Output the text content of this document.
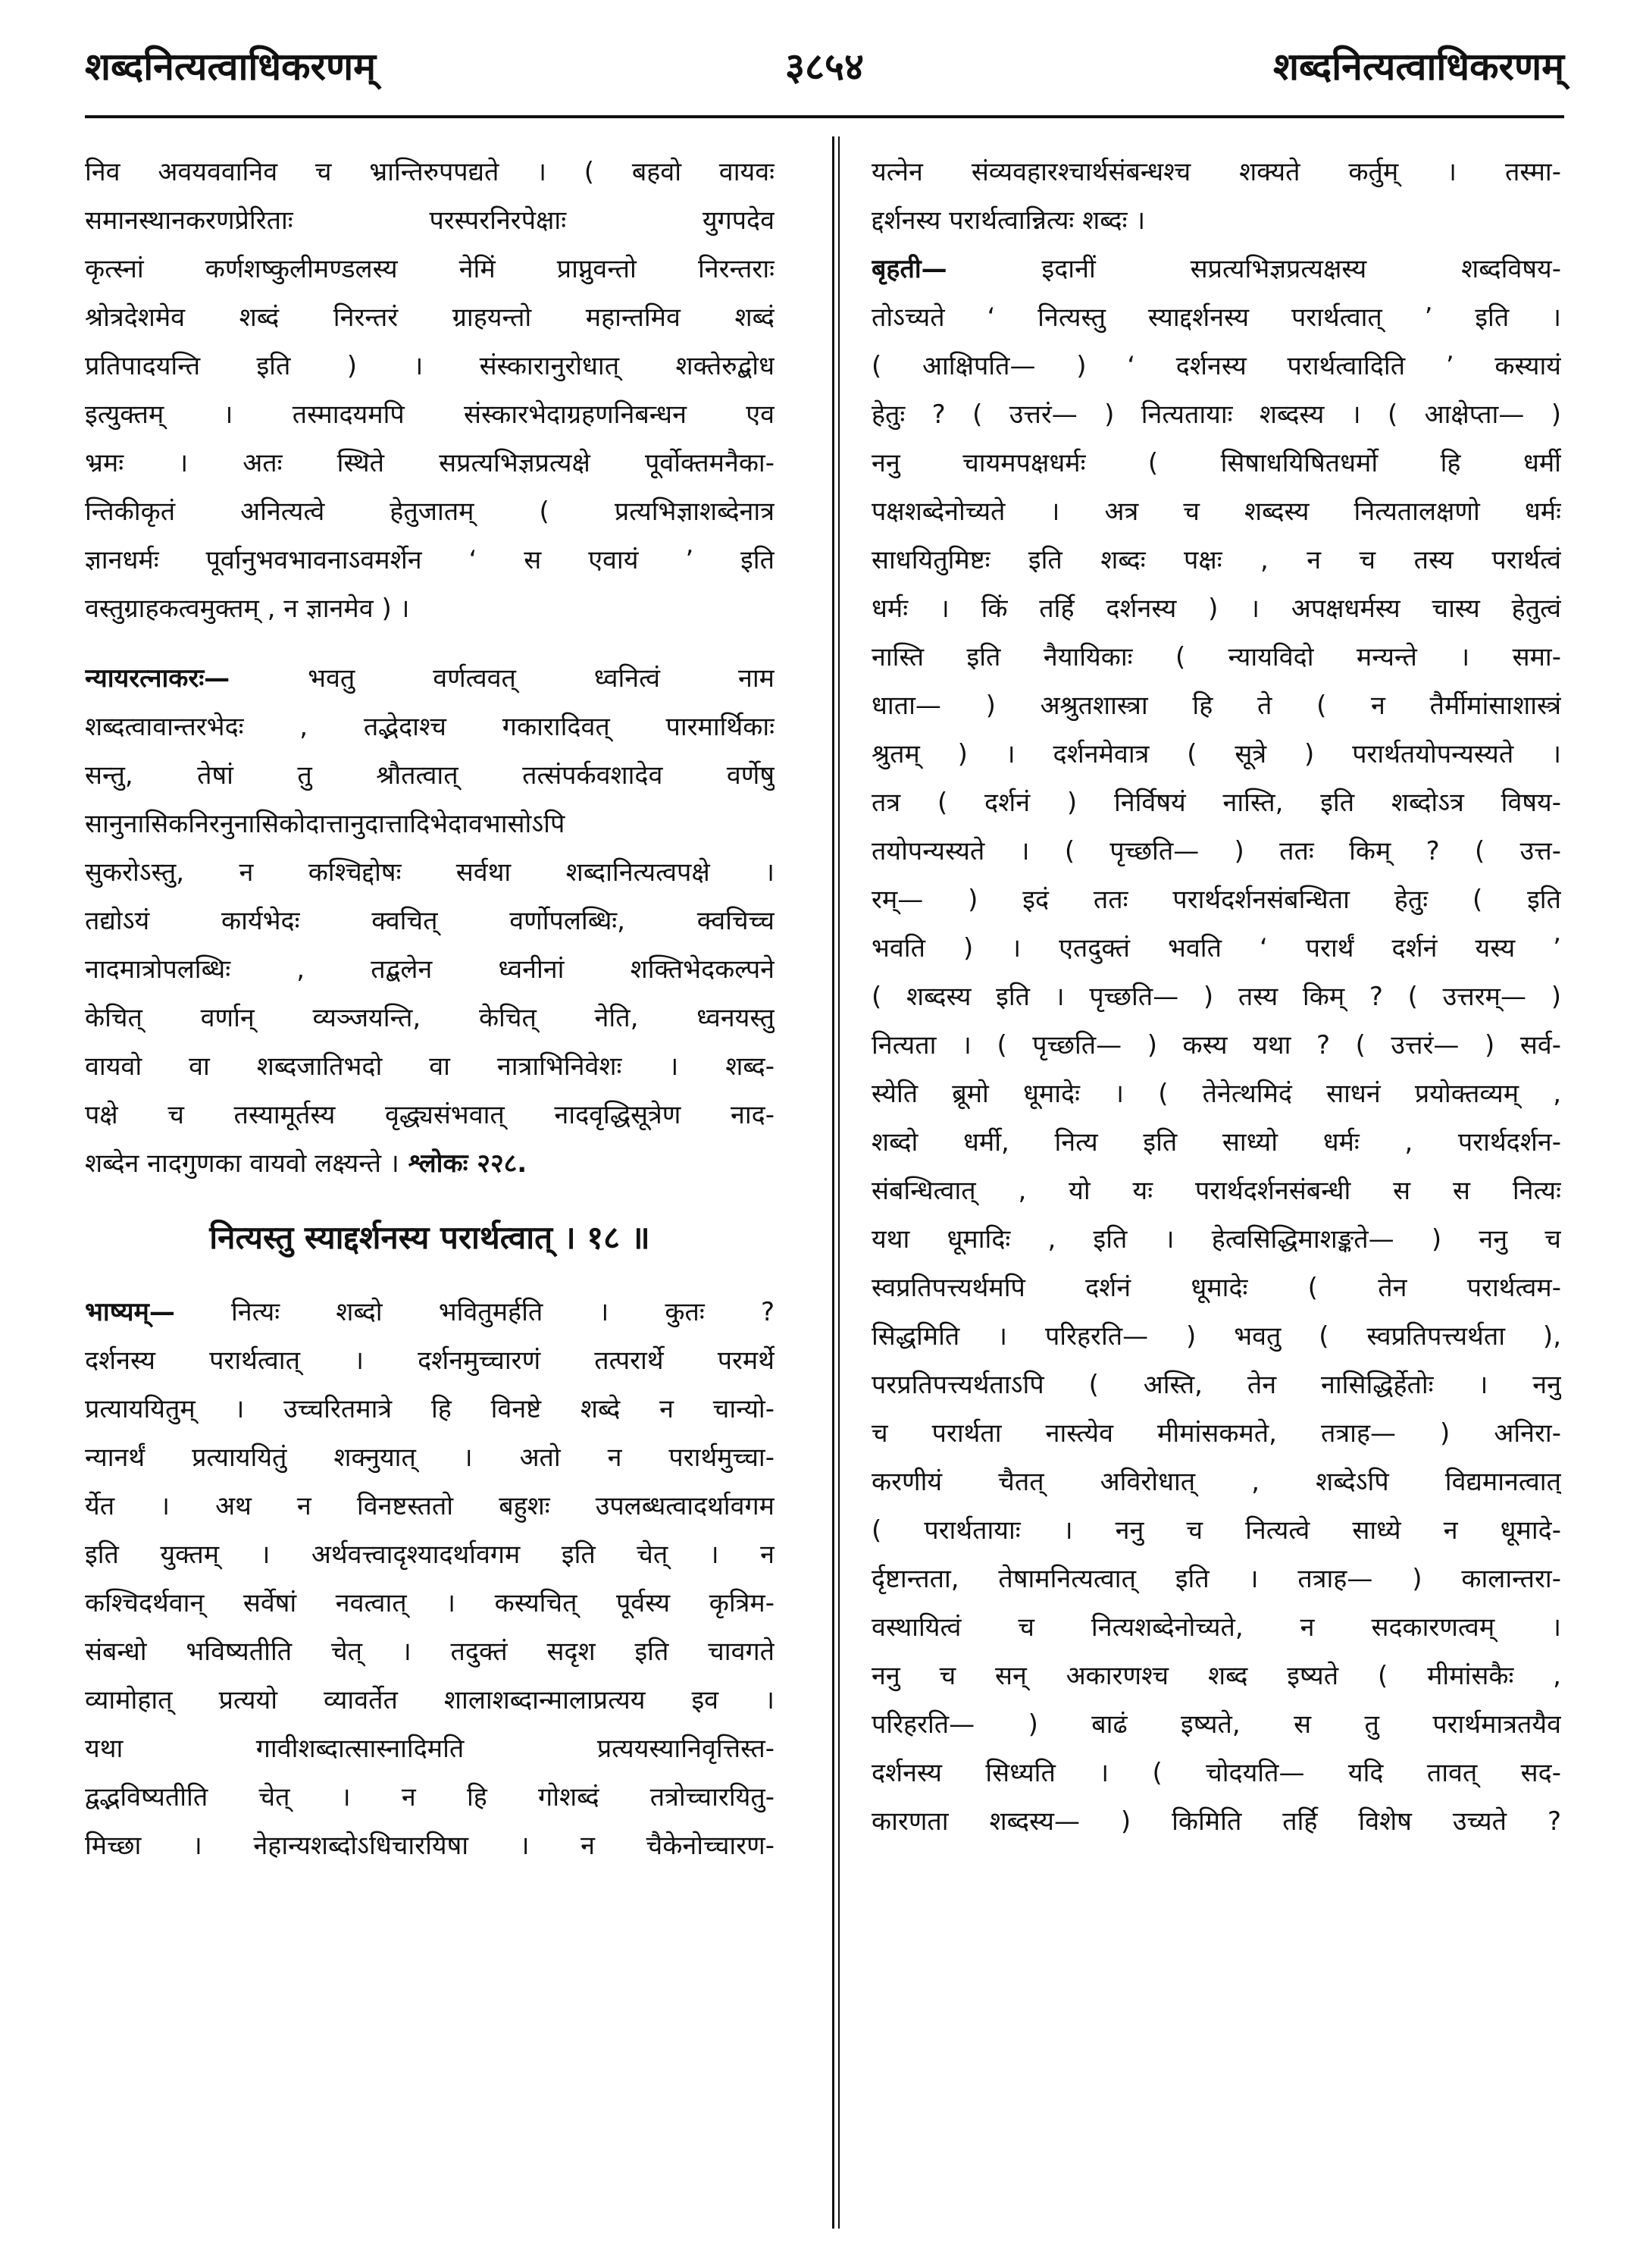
३८५४
शब्दनित्यत्वाधिकरणम्	शब्दनित्यत्वाधिकरणम्
निव अवयववानिव च भ्रान्तिरुपपद्यते । ( बहवो वायवः
समानस्थानकरणप्रेरिताः परस्परनिरपेक्षाः युगपदेव
कृत्स्नां कर्णशष्कुलीमण्डलस्य नेमिं प्राप्नुवन्तो निरन्तराः
श्रोत्रदेशमेव शब्दं निरन्तरं ग्राहयन्तो महान्तमिव शब्दं
प्रतिपादयन्ति इति ) । संस्कारानुरोधात् शक्तेरुद्बोध
इत्युक्तम् । तस्मादयमपि संस्कारभेदाग्रहणनिबन्धन एव
भ्रमः । अतः स्थिते सप्रत्यभिज्ञप्रत्यक्षे पूर्वोक्तमनैका-
न्तिकीकृतं अनित्यत्वे हेतुजातम् ( प्रत्यभिज्ञाशब्देनात्र
ज्ञानधर्मः पूर्वानुभवभावनाऽवमर्शेन ‘ स एवायं ’ इति
वस्तुग्राहकत्वमुक्तम् , न ज्ञानमेव ) ।
न्यायरत्नाकरः— भवतु वर्णत्ववत् ध्वनित्वं नाम
शब्दत्वावान्तरभेदः , तद्भेदाश्च गकारादिवत् पारमार्थिकाः
सन्तु, तेषां तु श्रौतत्वात् तत्संपर्कवशादेव वर्णेषु
सानुनासिकनिरनुनासिकोदात्तानुदात्तादिभेदावभासोऽपि
सुकरोऽस्तु, न कश्चिद्दोषः सर्वथा शब्दानित्यत्वपक्षे ।
तद्योऽयं कार्यभेदः क्वचित् वर्णोपलब्धिः, क्वचिच्च
नादमात्रोपलब्धिः , तद्बलेन ध्वनीनां शक्तिभेदकल्पने
केचित् वर्णान् व्यञ्जयन्ति, केचित् नेति, ध्वनयस्तु
वायवो वा शब्दजातिभदो वा नात्राभिनिवेशः । शब्द-
पक्षे च तस्यामूर्तस्य वृद्ध्यसंभवात् नादवृद्धिसूत्रेण नाद-
शब्देन नादगुणका वायवो लक्ष्यन्ते । श्लोकः २२८.
नित्यस्तु स्याद्दर्शनस्य परार्थत्वात् । १८ ॥
भाष्यम्— नित्यः शब्दो भवितुमर्हति । कुतः ?
दर्शनस्य परार्थत्वात् । दर्शनमुच्चारणं तत्परार्थे परमर्थे
प्रत्याययितुम् । उच्चरितमात्रे हि विनष्टे शब्दे न चान्यो-
न्यानर्थं प्रत्याययितुं शक्नुयात् । अतो न परार्थमुच्चा-
र्येत । अथ न विनष्टस्ततो बहुशः उपलब्धत्वादर्थावगम
इति युक्तम् । अर्थवत्त्वादृश्यादर्थावगम इति चेत् । न
कश्चिदर्थवान् सर्वेषां नवत्वात् । कस्यचित् पूर्वस्य कृत्रिम-
संबन्धो भविष्यतीति चेत् । तदुक्तं सदृश इति चावगते
व्यामोहात् प्रत्ययो व्यावर्तेत शालाशब्दान्मालाप्रत्यय इव ।
यथा गावीशब्दात्सास्नादिमति प्रत्ययस्यानिवृत्तिस्त-
द्वद्भविष्यतीति चेत् । न हि गोशब्दं तत्रोच्चारयितु-
मिच्छा । नेहान्यशब्दोऽधिचारयिषा । न चैकेनोच्चारण-
यत्नेन संव्यवहारश्चार्थसंबन्धश्च शक्यते कर्तुम् । तस्मा-
द्दर्शनस्य परार्थत्वान्नित्यः शब्दः ।
बृहती— इदानीं सप्रत्यभिज्ञप्रत्यक्षस्य शब्दविषय-
तोऽच्यते ‘ नित्यस्तु स्याद्दर्शनस्य परार्थत्वात् ’ इति ।
( आक्षिपति— ) ‘ दर्शनस्य परार्थत्वादिति ’ कस्यायं
हेतुः ? ( उत्तरं— ) नित्यतायाः शब्दस्य । ( आक्षेप्ता— )
ननु चायमपक्षधर्मः ( सिषाधयिषितधर्मो हि धर्मी
पक्षशब्देनोच्यते । अत्र च शब्दस्य नित्यतालक्षणो धर्मः
साधयितुमिष्टः इति शब्दः पक्षः , न च तस्य परार्थत्वं
धर्मः । किं तर्हि दर्शनस्य ) । अपक्षधर्मस्य चास्य हेतुत्वं
नास्ति इति नैयायिकाः ( न्यायविदो मन्यन्ते । समा-
धाता— ) अश्रुतशास्त्रा हि ते ( न तैर्मीमांसाशास्त्रं
श्रुतम् ) । दर्शनमेवात्र ( सूत्रे ) परार्थतयोपन्यस्यते ।
तत्र ( दर्शनं ) निर्विषयं नास्ति, इति शब्दोऽत्र विषय-
तयोपन्यस्यते । ( पृच्छति— ) ततः किम् ? ( उत्त-
रम्— ) इदं ततः परार्थदर्शनसंबन्धिता हेतुः ( इति
भवति ) । एतदुक्तं भवति ‘ परार्थं दर्शनं यस्य ’
( शब्दस्य इति । पृच्छति— ) तस्य किम् ? ( उत्तरम्— )
नित्यता । ( पृच्छति— ) कस्य यथा ? ( उत्तरं— ) सर्व-
स्येति ब्रूमो धूमादेः । ( तेनेत्थमिदं साधनं प्रयोक्तव्यम् ,
शब्दो धर्मी, नित्य इति साध्यो धर्मः , परार्थदर्शन-
संबन्धित्वात् , यो यः परार्थदर्शनसंबन्धी स स नित्यः
यथा धूमादिः , इति । हेत्वसिद्धिमाशङ्कते— ) ननु च
स्वप्रतिपत्त्यर्थमपि दर्शनं धूमादेः ( तेन परार्थत्वम-
सिद्धमिति । परिहरति— ) भवतु ( स्वप्रतिपत्त्यर्थता ),
परप्रतिपत्त्यर्थताऽपि ( अस्ति, तेन नासिद्धिर्हेतोः । ननु
च परार्थता नास्त्येव मीमांसकमते, तत्राह— ) अनिरा-
करणीयं चैतत् अविरोधात् , शब्देऽपि विद्यमानत्वात्
( परार्थतायाः । ननु च नित्यत्वे साध्ये न धूमादे-
र्दृष्टान्तता, तेषामनित्यत्वात् इति । तत्राह— ) कालान्तरा-
वस्थायित्वं च नित्यशब्देनोच्यते, न सदकारणत्वम् ।
ननु च सन् अकारणश्च शब्द इष्यते ( मीमांसकैः ,
परिहरति— ) बाढं इष्यते, स तु परार्थमात्रतयैव
दर्शनस्य सिध्यति । ( चोदयति— यदि तावत् सद-
कारणता शब्दस्य— ) किमिति तर्हि विशेष उच्यते ?
